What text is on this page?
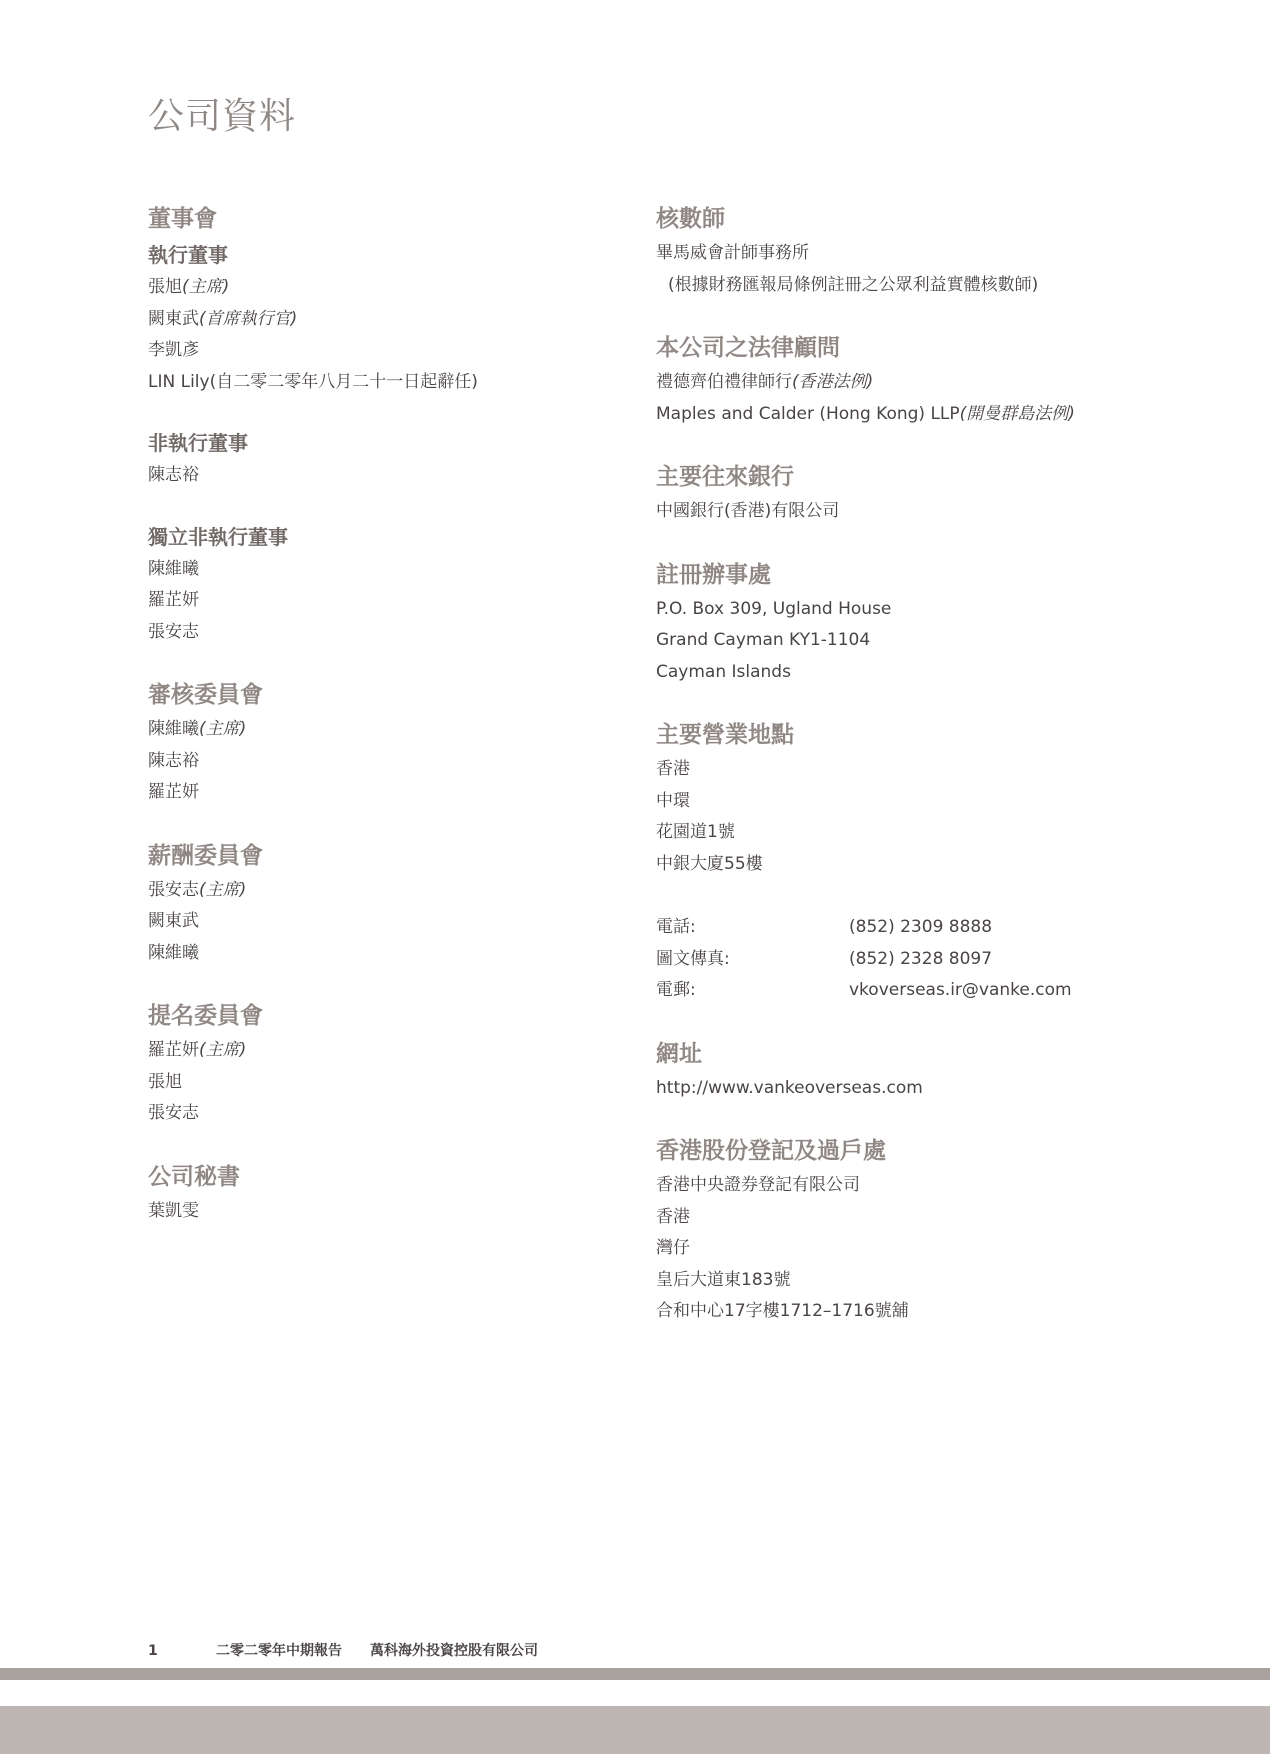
公司資料
董事會
執行董事
張旭(主席)
闕東武(首席執行官)
李凱彥
LIN Lily(自二零二零年八月二十一日起辭任)
非執行董事
陳志裕
獨立非執行董事
陳維曦
羅芷妍
張安志
審核委員會
陳維曦(主席)
陳志裕
羅芷妍
薪酬委員會
張安志(主席)
闕東武
陳維曦
提名委員會
羅芷妍(主席)
張旭
張安志
公司秘書
葉凱雯
核數師
畢馬威會計師事務所
(根據財務匯報局條例註冊之公眾利益實體核數師)
本公司之法律顧問
禮德齊伯禮律師行(香港法例)
Maples and Calder (Hong Kong) LLP(開曼群島法例)
主要往來銀行
中國銀行(香港)有限公司
註冊辦事處
P.O. Box 309, Ugland House
Grand Cayman KY1-1104
Cayman Islands
主要營業地點
香港
中環
花園道1號
中銀大廈55樓
電話:	(852) 2309 8888
圖文傳真:	(852) 2328 8097
電郵:	vkoverseas.ir@vanke.com
網址
http://www.vankeoverseas.com
香港股份登記及過戶處
香港中央證券登記有限公司
香港
灣仔
皇后大道東183號
合和中心17字樓1712–1716號舖
1	二零二零年中期報告 萬科海外投資控股有限公司
